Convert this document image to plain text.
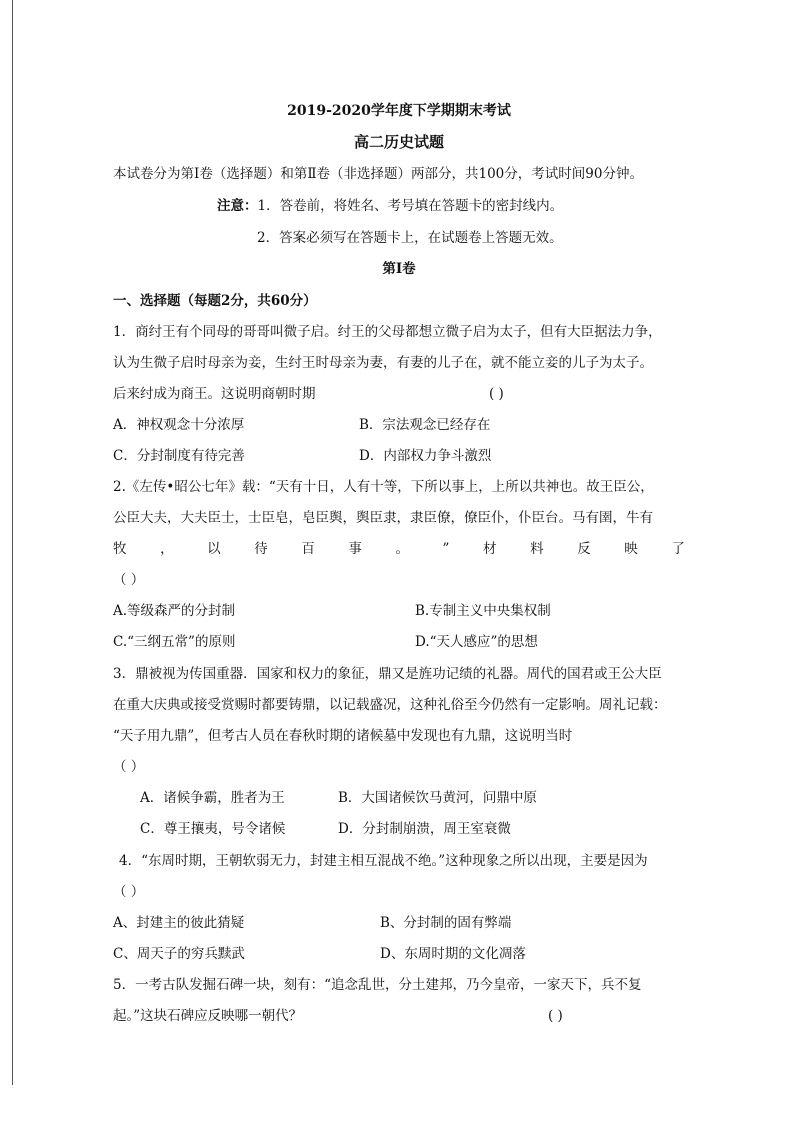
2019-2020学年度下学期期末考试
高二历史试题
本试卷分为第Ⅰ卷（选择题）和第Ⅱ卷（非选择题）两部分，共100分，考试时间90分钟。
注意：1．答卷前，将姓名、考号填在答题卡的密封线内。
2．答案必须写在答题卡上，在试题卷上答题无效。
第Ⅰ卷
一、选择题（每题2分，共60分）
1．商纣王有个同母的哥哥叫微子启。纣王的父母都想立微子启为太子，但有大臣据法力争，
认为生微子启时母亲为妾，生纣王时母亲为妻，有妻的儿子在，就不能立妾的儿子为太子。
后来纣成为商王。这说明商朝时期	( )
A．神权观念十分浓厚	B．宗法观念已经存在
C．分封制度有待完善	D．内部权力争斗激烈
2.《左传•昭公七年》载：“天有十日，人有十等，下所以事上，上所以共神也。故王臣公，
公臣大夫，大夫臣士，士臣皂，皂臣舆，舆臣隶，隶臣僚，僚臣仆，仆臣台。马有圉，牛有
牧 ， 以 待 百 事 。 ” 材 料 反 映 了
（ ）
A.等级森严的分封制	B.专制主义中央集权制
C.“三纲五常”的原则	D.“天人感应”的思想
3．鼎被视为传国重器．国家和权力的象征，鼎又是旌功记绩的礼器。周代的国君或王公大臣
在重大庆典或接受赏赐时都要铸鼎，以记载盛况，这种礼俗至今仍然有一定影响。周礼记载：
“天子用九鼎”，但考古人员在春秋时期的诸候墓中发现也有九鼎，这说明当时
（ ）
A．诸候争霸，胜者为王	B．大国诸候饮马黄河，问鼎中原
C．尊王攘夷，号令诸候	D．分封制崩溃，周王室衰微
4．“东周时期，王朝软弱无力，封建主相互混战不绝。”这种现象之所以出现，主要是因为
（ ）
A、封建主的彼此猜疑	B、分封制的固有弊端
C、周天子的穷兵黩武	D、东周时期的文化凋落
5．一考古队发掘石碑一块，刻有：“追念乱世，分土建邦，乃今皇帝，一家天下，兵不复
起。”这块石碑应反映哪一朝代？	( )
